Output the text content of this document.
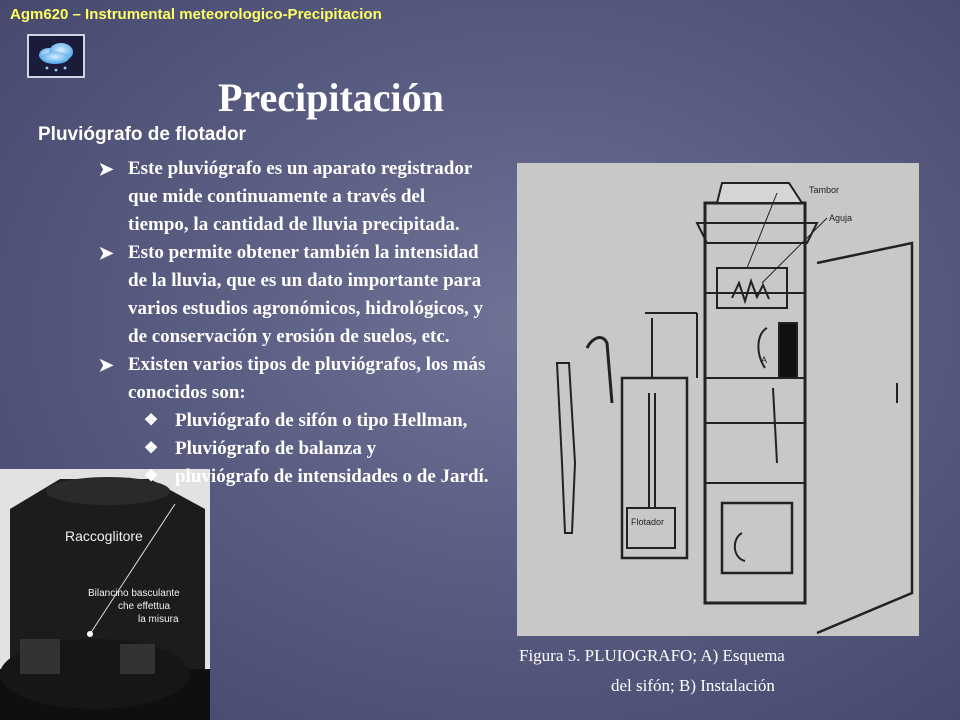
Agm620 – Instrumental meteorologico-Precipitacion
Precipitación
Pluviógrafo de flotador
Tambor
Aguja
A
Flotador
Raccoglitore
Bilancino basculante
che effettua
la misura
➤ Este pluviógrafo es un aparato registrador
que mide continuamente a través del
tiempo, la cantidad de lluvia precipitada.
➤ Esto permite obtener también la intensidad
de la lluvia, que es un dato importante para
varios estudios agronómicos, hidrológicos, y
de conservación y erosión de suelos, etc.
➤ Existen varios tipos de pluviógrafos, los más
conocidos son:
❖ Pluviógrafo de sifón o tipo Hellman,
❖ Pluviógrafo de balanza y
❖ pluviógrafo de intensidades o de Jardí.
Figura 5. PLUIOGRAFO; A) Esquema
del sifón; B) Instalación
